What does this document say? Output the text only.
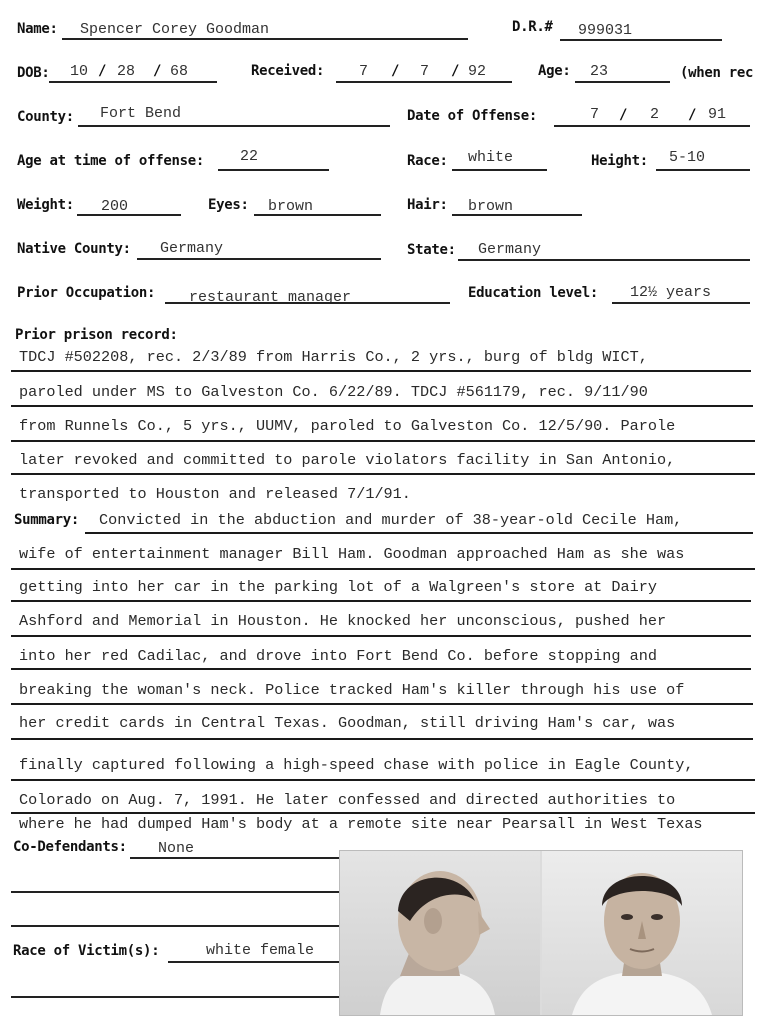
Name: Spencer Corey Goodman	D.R.# 999031
DOB: 10 / 28 / 68	Received: 7 / 7 / 92	Age: 23	(when rec
County: Fort Bend	Date of Offense:	7 / 2 / 91
Age at time of offense: 22	Race: white	Height: 5-10
Weight: 200	Eyes: brown	Hair: brown
Native County: Germany	State: Germany
Prior Occupation: restaurant manager	Education level: 12½ years
Prior prison record:
TDCJ #502208, rec. 2/3/89 from Harris Co., 2 yrs., burg of bldg WICT,
paroled under MS to Galveston Co. 6/22/89. TDCJ #561179, rec. 9/11/90
from Runnels Co., 5 yrs., UUMV, paroled to Galveston Co. 12/5/90. Parole
later revoked and committed to parole violators facility in San Antonio,
transported to Houston and released 7/1/91.
Summary: Convicted in the abduction and murder of 38-year-old Cecile Ham,
wife of entertainment manager Bill Ham. Goodman approached Ham as she was
getting into her car in the parking lot of a Walgreen's store at Dairy
Ashford and Memorial in Houston. He knocked her unconscious, pushed her
into her red Cadilac, and drove into Fort Bend Co. before stopping and
breaking the woman's neck. Police tracked Ham's killer through his use of
her credit cards in Central Texas. Goodman, still driving Ham's car, was
finally captured following a high-speed chase with police in Eagle County,
Colorado on Aug. 7, 1991. He later confessed and directed authorities to
where he had dumped Ham's body at a remote site near Pearsall in West Texas
Co-Defendants: None
Race of Victim(s):	white female
